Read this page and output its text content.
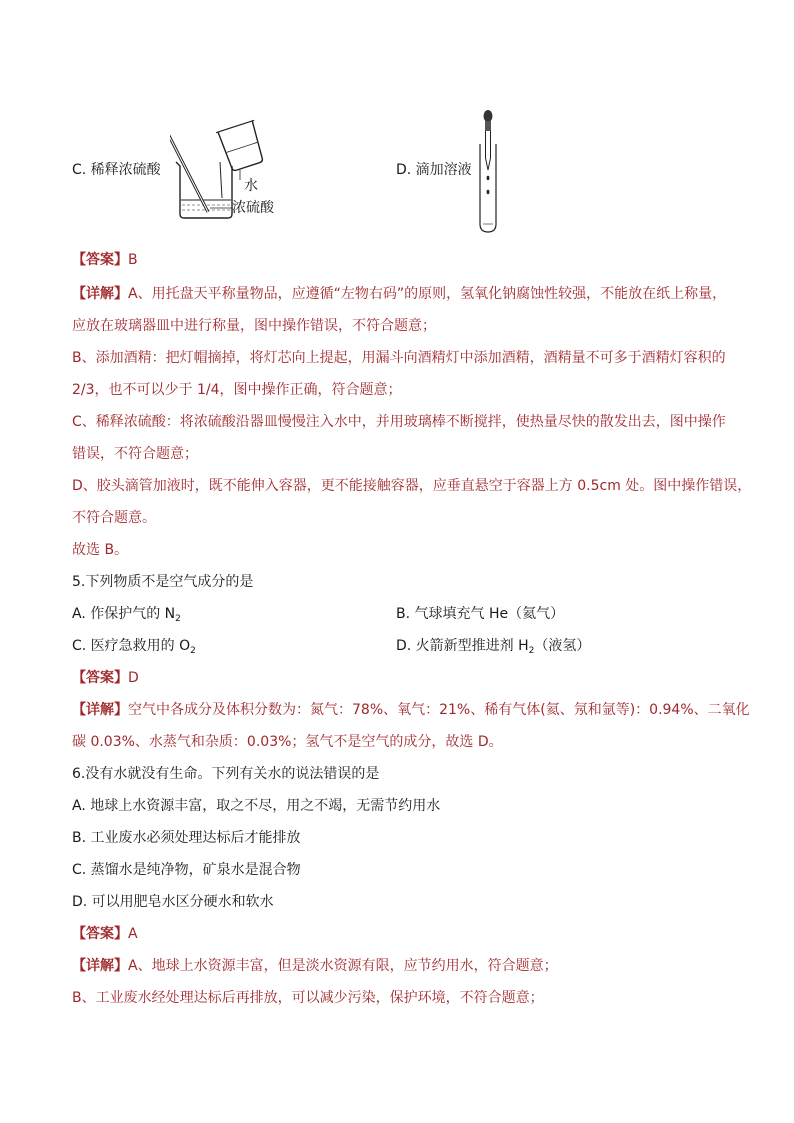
C. 稀释浓硫酸
水
浓硫酸
D. 滴加溶液
【答案】B
【详解】A、用托盘天平称量物品，应遵循“左物右码”的原则，氢氧化钠腐蚀性较强，不能放在纸上称量，
应放在玻璃器皿中进行称量，图中操作错误，不符合题意；
B、添加酒精：把灯帽摘掉，将灯芯向上提起，用漏斗向酒精灯中添加酒精，酒精量不可多于酒精灯容积的
2/3，也不可以少于 1/4，图中操作正确，符合题意；
C、稀释浓硫酸：将浓硫酸沿器皿慢慢注入水中，并用玻璃棒不断搅拌，使热量尽快的散发出去，图中操作
错误，不符合题意；
D、胶头滴管加液时，既不能伸入容器，更不能接触容器，应垂直悬空于容器上方 0.5cm 处。图中操作错误，
不符合题意。
故选 B。
5.下列物质不是空气成分的是
A. 作保护气的 $N_2$	B. 气球填充气 He（氦气）
C. 医疗急救用的 $O_2$	D. 火箭新型推进剂 $H_2$（液氢）
【答案】D
【详解】空气中各成分及体积分数为：氮气：78%、氧气：21%、稀有气体(氦、氖和氩等)：0.94%、二氧化
碳 0.03%、水蒸气和杂质：0.03%；氢气不是空气的成分，故选 D。
6.没有水就没有生命。下列有关水的说法错误的是
A. 地球上水资源丰富，取之不尽，用之不竭，无需节约用水
B. 工业废水必须处理达标后才能排放
C. 蒸馏水是纯净物，矿泉水是混合物
D. 可以用肥皂水区分硬水和软水
【答案】A
【详解】A、地球上水资源丰富，但是淡水资源有限，应节约用水，符合题意；
B、工业废水经处理达标后再排放，可以减少污染，保护环境，不符合题意；
